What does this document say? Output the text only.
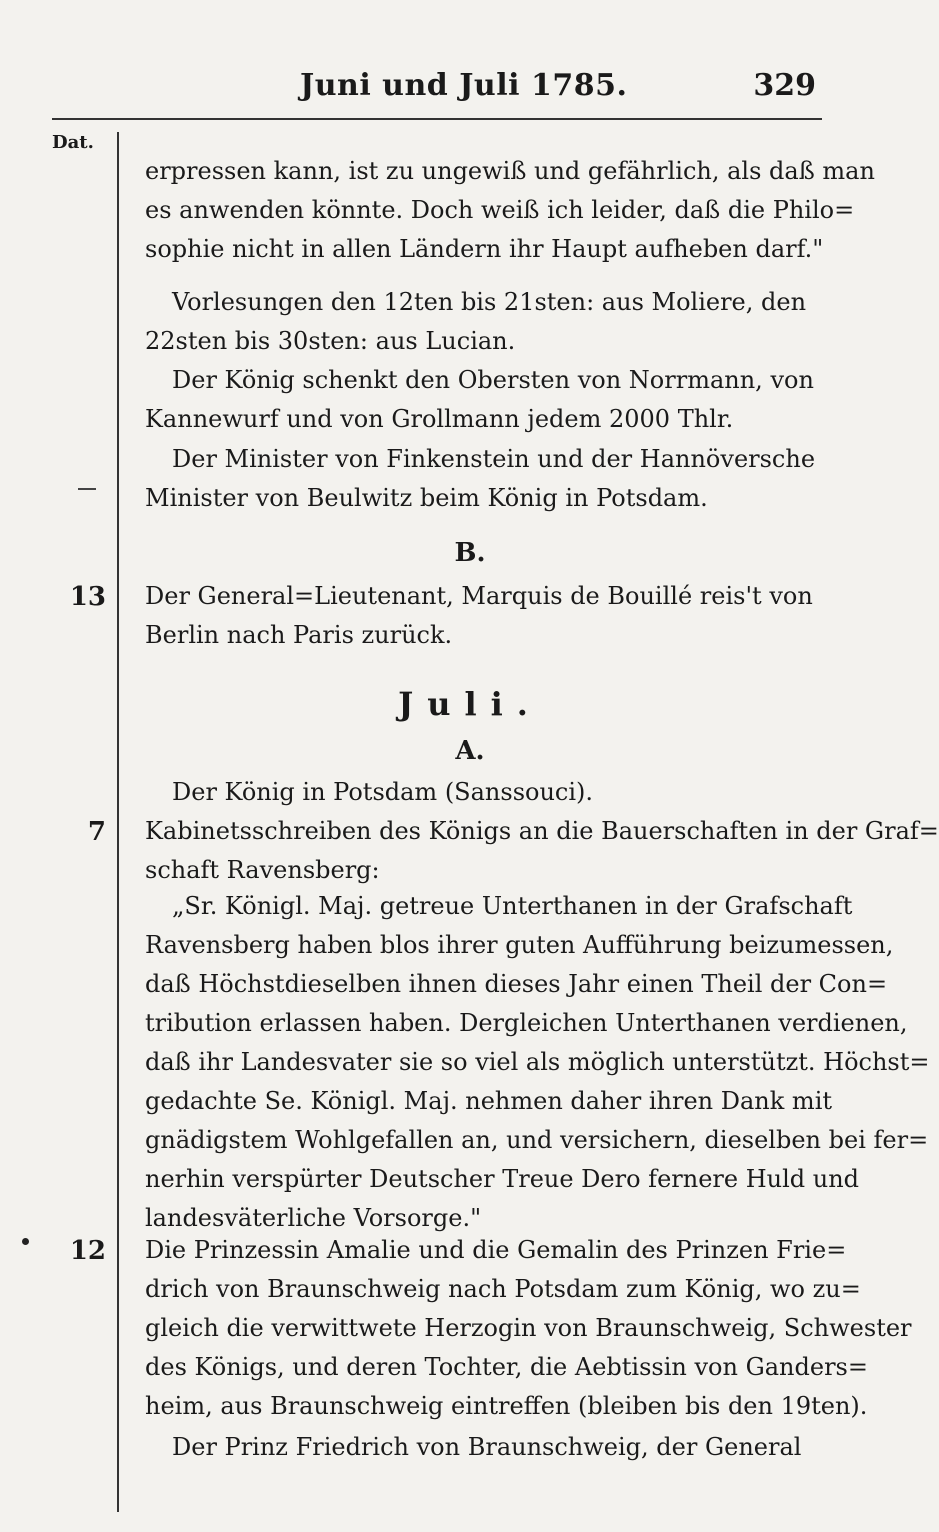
Juni und Juli 1785.	329
Dat.
erpressen kann, ist zu ungewiß und gefährlich, als daß man
es anwenden könnte. Doch weiß ich leider, daß die Philo=
sophie nicht in allen Ländern ihr Haupt aufheben darf."
Vorlesungen den 12ten bis 21sten: aus Moliere, den
22sten bis 30sten: aus Lucian.
Der König schenkt den Obersten von Norrmann, von
Kannewurf und von Grollmann jedem 2000 Thlr.
Der Minister von Finkenstein und der Hannöversche
Minister von Beulwitz beim König in Potsdam.
B.
13 Der General=Lieutenant, Marquis de Bouillé reis't von
Berlin nach Paris zurück.
Juli.
A.
Der König in Potsdam (Sanssouci).
7 Kabinetsschreiben des Königs an die Bauerschaften in der Graf=
schaft Ravensberg:
„Sr. Königl. Maj. getreue Unterthanen in der Grafschaft
Ravensberg haben blos ihrer guten Aufführung beizumessen,
daß Höchstdieselben ihnen dieses Jahr einen Theil der Con=
tribution erlassen haben. Dergleichen Unterthanen verdienen,
daß ihr Landesvater sie so viel als möglich unterstützt. Höchst=
gedachte Se. Königl. Maj. nehmen daher ihren Dank mit
gnädigstem Wohlgefallen an, und versichern, dieselben bei fer=
nerhin verspürter Deutscher Treue Dero fernere Huld und
landesväterliche Vorsorge."
12 Die Prinzessin Amalie und die Gemalin des Prinzen Frie=
drich von Braunschweig nach Potsdam zum König, wo zu=
gleich die verwittwete Herzogin von Braunschweig, Schwester
des Königs, und deren Tochter, die Aebtissin von Ganders=
heim, aus Braunschweig eintreffen (bleiben bis den 19ten).
Der Prinz Friedrich von Braunschweig, der General
